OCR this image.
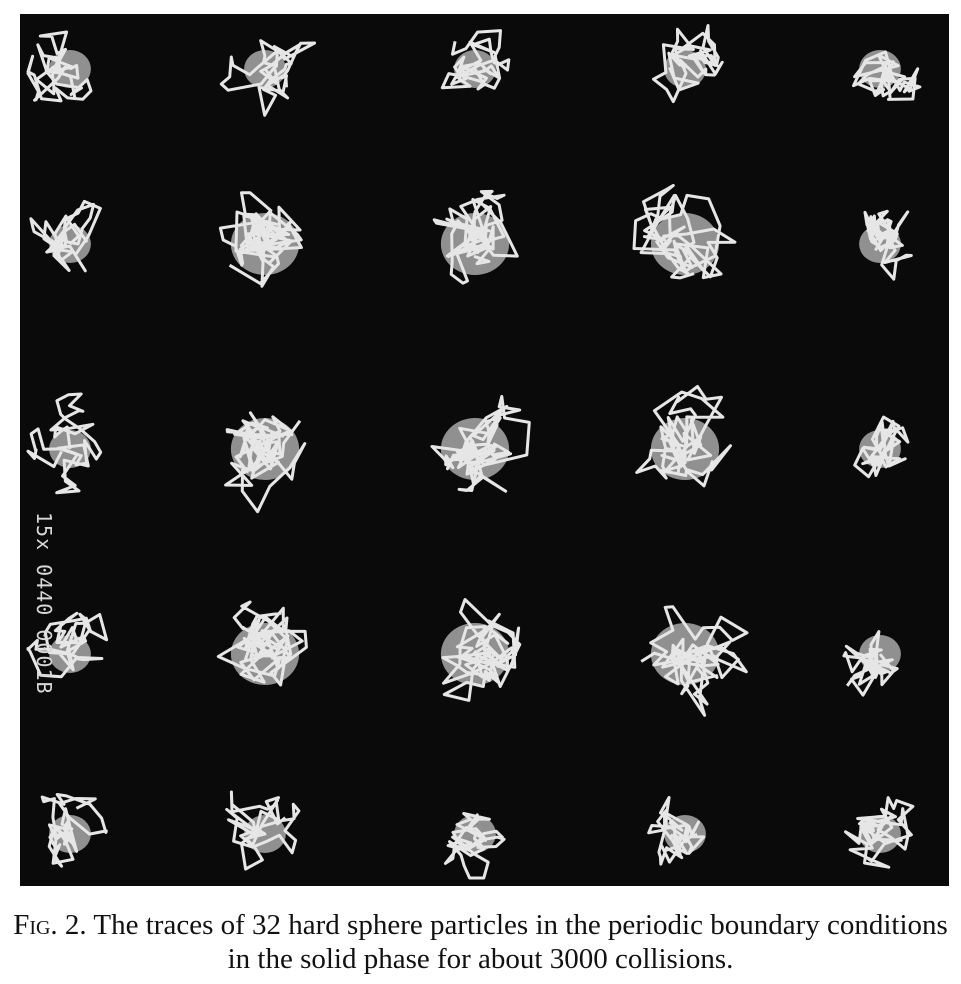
15x 0440 0001B
Fig. 2. The traces of 32 hard sphere particles in the periodic boundary conditions in the solid phase for about 3000 collisions.
